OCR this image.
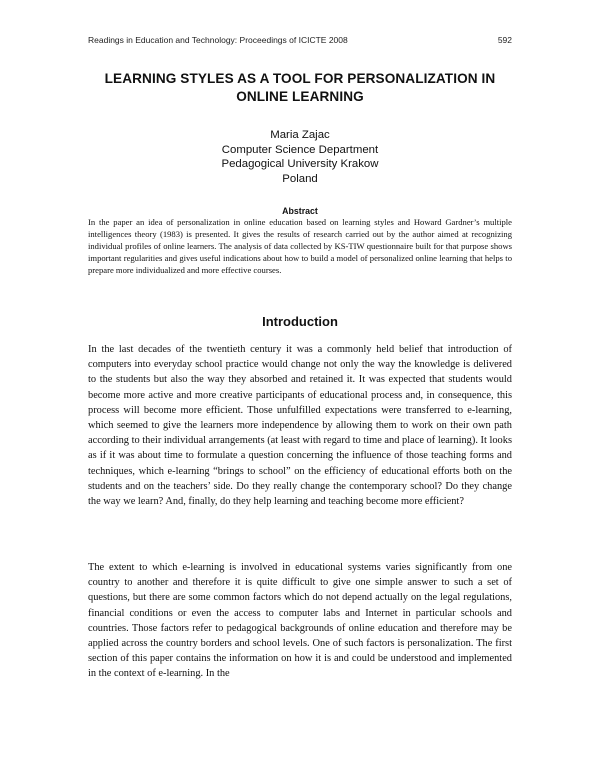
Readings in Education and Technology: Proceedings of ICICTE 2008	592
LEARNING STYLES AS A TOOL FOR PERSONALIZATION IN
ONLINE LEARNING
Maria Zajac
Computer Science Department
Pedagogical University Krakow
Poland
Abstract
In the paper an idea of personalization in online education based on learning styles and Howard Gardner’s multiple intelligences theory (1983) is presented. It gives the results of research carried out by the author aimed at recognizing individual profiles of online learners. The analysis of data collected by KS-TIW questionnaire built for that purpose shows important regularities and gives useful indications about how to build a model of personalized online learning that helps to prepare more individualized and more effective courses.
Introduction
In the last decades of the twentieth century it was a commonly held belief that introduction of computers into everyday school practice would change not only the way the knowledge is delivered to the students but also the way they absorbed and retained it. It was expected that students would become more active and more creative participants of educational process and, in consequence, this process will become more efficient. Those unfulfilled expectations were transferred to e-learning, which seemed to give the learners more independence by allowing them to work on their own path according to their individual arrangements (at least with regard to time and place of learning). It looks as if it was about time to formulate a question concerning the influence of those teaching forms and techniques, which e-learning “brings to school” on the efficiency of educational efforts both on the students and on the teachers’ side. Do they really change the contemporary school? Do they change the way we learn? And, finally, do they help learning and teaching become more efficient?
The extent to which e-learning is involved in educational systems varies significantly from one country to another and therefore it is quite difficult to give one simple answer to such a set of questions, but there are some common factors which do not depend actually on the legal regulations, financial conditions or even the access to computer labs and Internet in particular schools and countries. Those factors refer to pedagogical backgrounds of online education and therefore may be applied across the country borders and school levels. One of such factors is personalization. The first section of this paper contains the information on how it is and could be understood and implemented in the context of e-learning. In the
